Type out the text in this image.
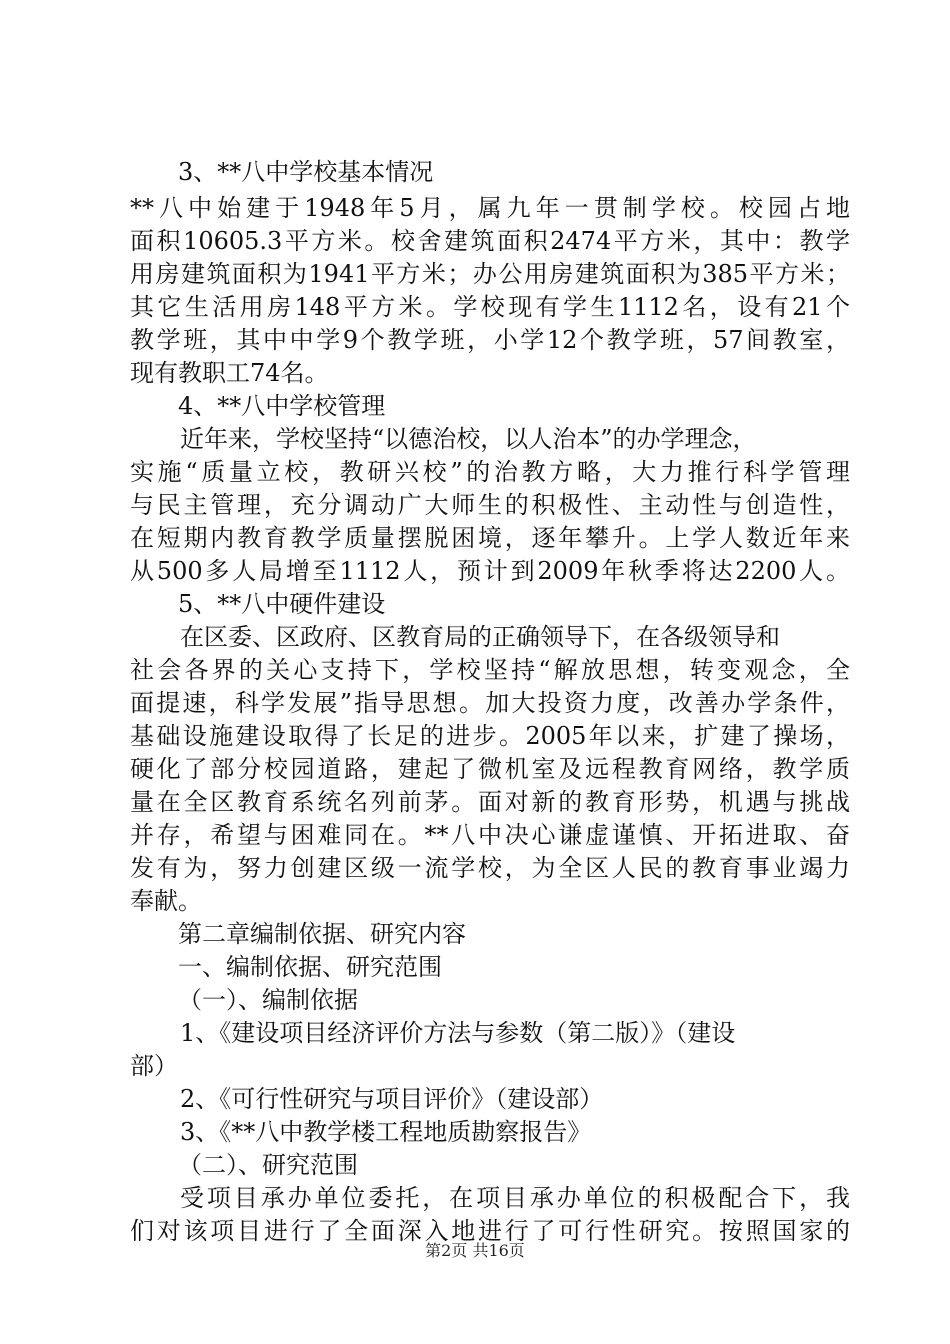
3、**八中学校基本情况
**八中始建于1948年5月，属九年一贯制学校。校园占地
面积10605.3平方米。校舍建筑面积2474平方米，其中：教学
用房建筑面积为1941平方米；办公用房建筑面积为385平方米；
其它生活用房148平方米。学校现有学生1112名，设有21个
教学班，其中中学9个教学班，小学12个教学班，57间教室，
现有教职工74名。
4、**八中学校管理
近年来，学校坚持“以德治校，以人治本”的办学理念，
实施“质量立校，教研兴校”的治教方略，大力推行科学管理
与民主管理，充分调动广大师生的积极性、主动性与创造性，
在短期内教育教学质量摆脱困境，逐年攀升。上学人数近年来
从500多人局增至1112人，预计到2009年秋季将达2200人。
5、**八中硬件建设
在区委、区政府、区教育局的正确领导下，在各级领导和
社会各界的关心支持下，学校坚持“解放思想，转变观念，全
面提速，科学发展”指导思想。加大投资力度，改善办学条件，
基础设施建设取得了长足的进步。2005年以来，扩建了操场，
硬化了部分校园道路，建起了微机室及远程教育网络，教学质
量在全区教育系统名列前茅。面对新的教育形势，机遇与挑战
并存，希望与困难同在。**八中决心谦虚谨慎、开拓进取、奋
发有为，努力创建区级一流学校，为全区人民的教育事业竭力
奉献。
第二章编制依据、研究内容
一、编制依据、研究范围
（一）、编制依据
1、《建设项目经济评价方法与参数（第二版）》（建设
部）
2、《可行性研究与项目评价》（建设部）
3、《**八中教学楼工程地质勘察报告》
（二）、研究范围
受项目承办单位委托，在项目承办单位的积极配合下，我
们对该项目进行了全面深入地进行了可行性研究。按照国家的
第2页 共16页
